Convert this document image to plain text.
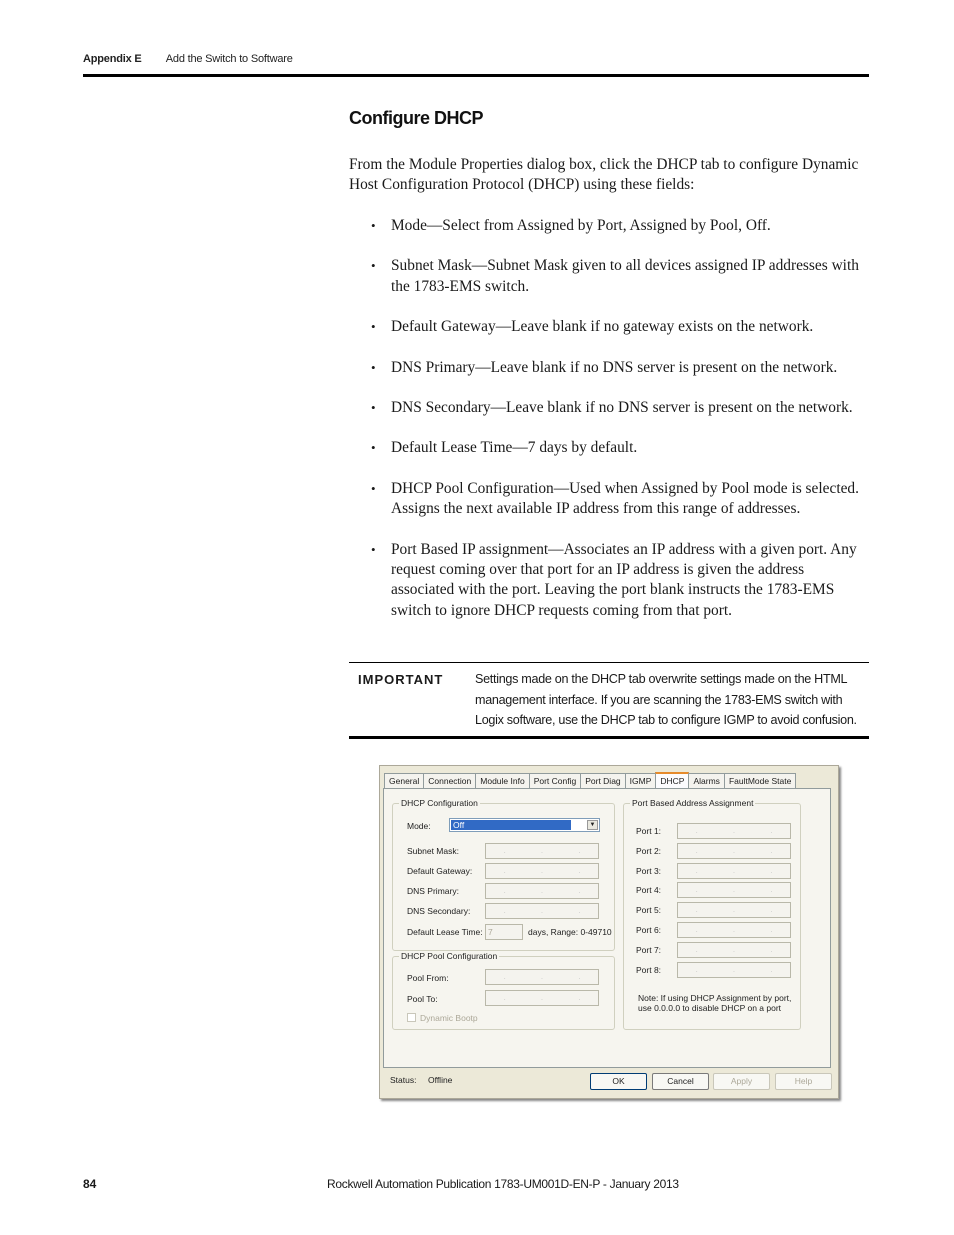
Appendix E Add the Switch to Software
Configure DHCP

From the Module Properties dialog box, click the DHCP tab to configure Dynamic Host Configuration Protocol (DHCP) using these fields:

• Mode—Select from Assigned by Port, Assigned by Pool, Off.
• Subnet Mask—Subnet Mask given to all devices assigned IP addresses with the 1783-EMS switch.
• Default Gateway—Leave blank if no gateway exists on the network.
• DNS Primary—Leave blank if no DNS server is present on the network.
• DNS Secondary—Leave blank if no DNS server is present on the network.
• Default Lease Time—7 days by default.
• DHCP Pool Configuration—Used when Assigned by Pool mode is selected. Assigns the next available IP address from this range of addresses.
• Port Based IP assignment—Associates an IP address with a given port. Any request coming over that port for an IP address is given the address associated with the port. Leaving the port blank instructs the 1783-EMS switch to ignore DHCP requests coming from that port.
IMPORTANT	Settings made on the DHCP tab overwrite settings made on the HTML management interface. If you are scanning the 1783-EMS switch with Logix software, use the DHCP tab to configure IGMP to avoid confusion.
General	Connection	Module Info	Port Config	Port Diag	IGMP	DHCP	Alarms	FaultMode State
DHCP Configuration
Mode:	Off	▼
Subnet Mask:	.	.	.
Default Gateway:	.	.	.
DNS Primary:	.	.	.
DNS Secondary:	.	.	.
Default Lease Time: 7	days, Range: 0-49710
DHCP Pool Configuration
Pool From:	.	.	.
Pool To:	.	.	.
Dynamic Bootp
Port Based Address Assignment
Port 1:	.	.	.
Port 2:	.	.	.
Port 3:	.	.	.
Port 4:	.	.	.
Port 5:	.	.	.
Port 6:	.	.	.
Port 7:	.	.	.
Port 8:	.	.	.
Note: If using DHCP Assignment by port, use 0.0.0.0 to disable DHCP on a port
Status: Offline	OK	Cancel	Apply	Help
84	Rockwell Automation Publication 1783-UM001D-EN-P - January 2013
